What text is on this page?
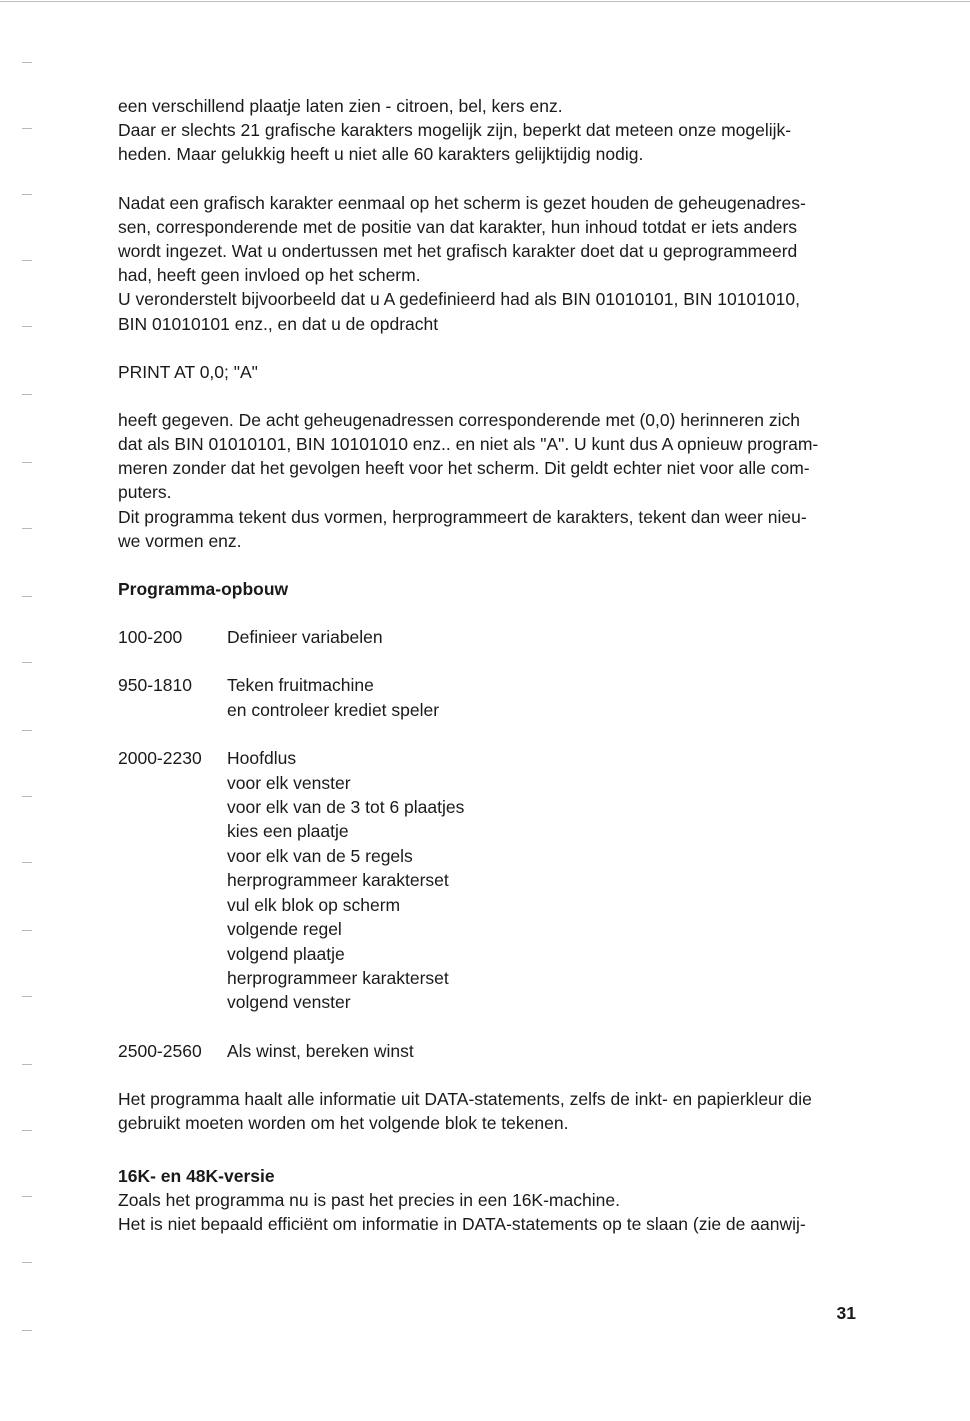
een verschillend plaatje laten zien - citroen, bel, kers enz.
Daar er slechts 21 grafische karakters mogelijk zijn, beperkt dat meteen onze mogelijk-
heden. Maar gelukkig heeft u niet alle 60 karakters gelijktijdig nodig.
Nadat een grafisch karakter eenmaal op het scherm is gezet houden de geheugenadres-
sen, corresponderende met de positie van dat karakter, hun inhoud totdat er iets anders
wordt ingezet. Wat u ondertussen met het grafisch karakter doet dat u geprogrammeerd
had, heeft geen invloed op het scherm.
U veronderstelt bijvoorbeeld dat u A gedefinieerd had als BIN 01010101, BIN 10101010,
BIN 01010101 enz., en dat u de opdracht
PRINT AT 0,0; "A"
heeft gegeven. De acht geheugenadressen corresponderende met (0,0) herinneren zich
dat als BIN 01010101, BIN 10101010 enz.. en niet als "A". U kunt dus A opnieuw program-
meren zonder dat het gevolgen heeft voor het scherm. Dit geldt echter niet voor alle com-
puters.
Dit programma tekent dus vormen, herprogrammeert de karakters, tekent dan weer nieu-
we vormen enz.
Programma-opbouw
100-200	Definieer variabelen
950-1810	Teken fruitmachine
en controleer krediet speler
2000-2230	Hoofdlus
voor elk venster
voor elk van de 3 tot 6 plaatjes
kies een plaatje
voor elk van de 5 regels
herprogrammeer karakterset
vul elk blok op scherm
volgende regel
volgend plaatje
herprogrammeer karakterset
volgend venster
2500-2560	Als winst, bereken winst
Het programma haalt alle informatie uit DATA-statements, zelfs de inkt- en papierkleur die
gebruikt moeten worden om het volgende blok te tekenen.
16K- en 48K-versie
Zoals het programma nu is past het precies in een 16K-machine.
Het is niet bepaald efficiënt om informatie in DATA-statements op te slaan (zie de aanwij-
31
